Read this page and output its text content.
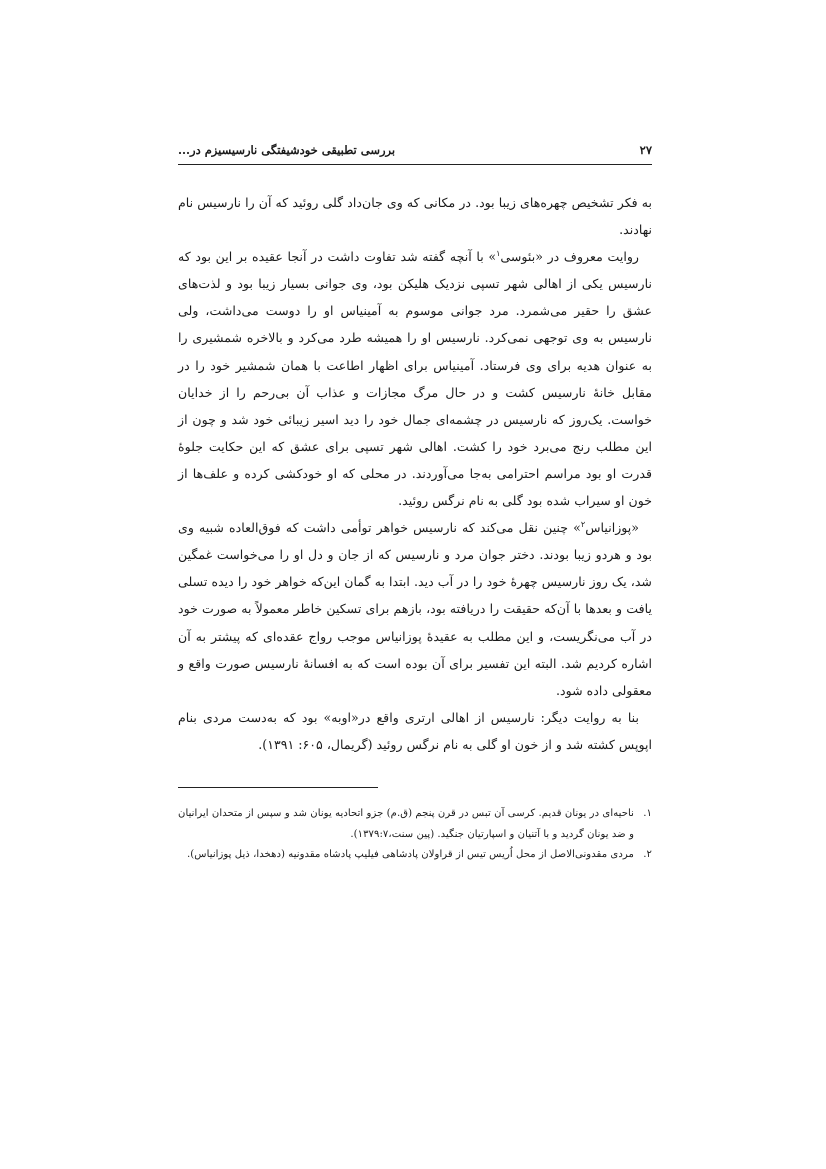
۲۷
بررسی تطبیقی خودشیفتگی نارسیسیزم در...

به فکر تشخیص چهره‌های زیبا بود. در مکانی که وی جان‌داد گلی روئید که آن را نارسیس نام نهادند.

روایت معروف در «بئوسی$^۱$» با آنچه گفته شد تفاوت داشت در آنجا عقیده بر این بود که نارسیس یکی از اهالی شهر تسپی نزدیک هلیکن بود، وی جوانی بسیار زیبا بود و لذت‌های عشق را حقیر می‌شمرد. مرد جوانی موسوم به آمینیاس او را دوست می‌داشت، ولی نارسیس به وی توجهی نمی‌کرد. نارسیس او را همیشه طرد می‌کرد و بالاخره شمشیری را به عنوان هدیه برای وی فرستاد. آمینیاس برای اظهار اطاعت با همان شمشیر خود را در مقابل خانهٔ نارسیس کشت و در حال مرگ مجازات و عذاب آن بی‌رحم را از خدایان خواست. یک‌روز که نارسیس در چشمه‌ای جمال خود را دید اسیر زیبائی خود شد و چون از این مطلب رنج می‌برد خود را کشت. اهالی شهر تسپی برای عشق که این حکایت جلوهٔ قدرت او بود مراسم احترامی به‌جا می‌آوردند. در محلی که او خودکشی کرده و علف‌ها از خون او سیراب شده بود گلی به نام نرگس روئید.

«پوزانیاس$^۲$» چنین نقل می‌کند که نارسیس خواهر توأمی داشت که فوق‌العاده شبیه وی بود و هردو زیبا بودند. دختر جوان مرد و نارسیس که از جان و دل او را می‌خواست غمگین شد، یک روز نارسیس چهرهٔ خود را در آب دید. ابتدا به گمان این‌که خواهر خود را دیده تسلی یافت و بعدها با آن‌که حقیقت را دریافته بود، بازهم برای تسکین خاطر معمولاً به صورت خود در آب می‌نگریست، و این مطلب به عقیدهٔ پوزانیاس موجب رواج عقده‌ای که پیشتر به آن اشاره کردیم شد. البته این تفسیر برای آن بوده است که به افسانهٔ نارسیس صورت واقع و معقولی داده شود.

بنا به روایت دیگر: نارسیس از اهالی ارتری واقع در«اوبه» بود که به‌دست مردی بنام اپوپس کشته شد و از خون او گلی به نام نرگس روئید (گریمال، ۶۰۵: ۱۳۹۱).

۱.
ناحیه‌ای در یونان قدیم. کرسی آن تبس در قرن پنجم (ق.م) جزو اتحادیه یونان شد و سپس از متحدان ایرانیان و ضد یونان گردید و با آتنیان و اسپارتیان جنگید. (پین سنت،۱۳۷۹:۷).
۲.
مردی مقدونی‌الاصل از محل اُریس تیس از قراولان پادشاهی فیلیپ پادشاه مقدونیه (دهخدا، ذیل پوزانیاس).
